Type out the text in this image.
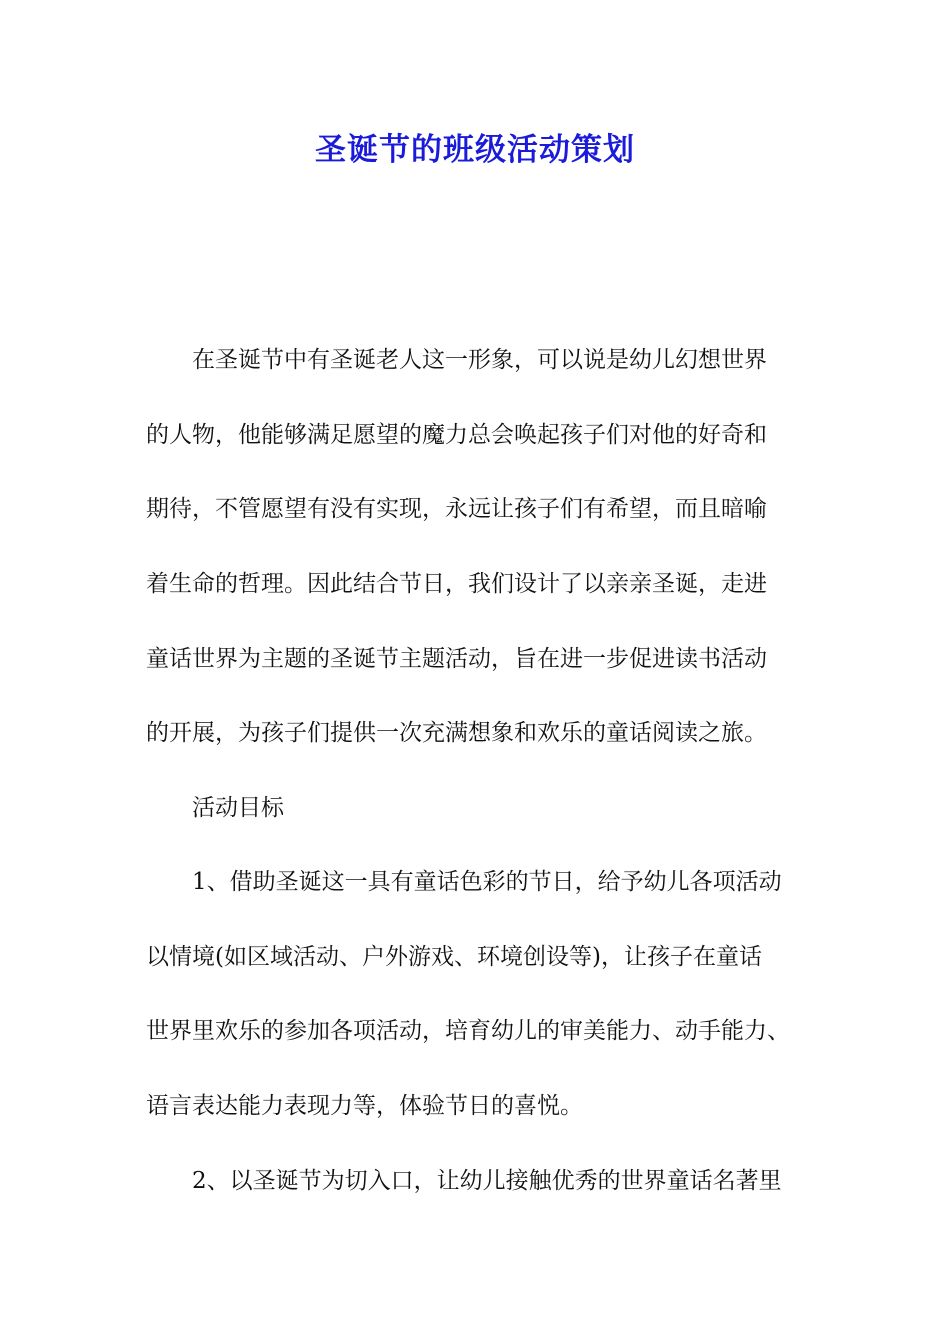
圣诞节的班级活动策划
在圣诞节中有圣诞老人这一形象，可以说是幼儿幻想世界
的人物，他能够满足愿望的魔力总会唤起孩子们对他的好奇和
期待，不管愿望有没有实现，永远让孩子们有希望，而且暗喻
着生命的哲理。因此结合节日，我们设计了以亲亲圣诞，走进
童话世界为主题的圣诞节主题活动，旨在进一步促进读书活动
的开展，为孩子们提供一次充满想象和欢乐的童话阅读之旅。
活动目标
1、借助圣诞这一具有童话色彩的节日，给予幼儿各项活动
以情境(如区域活动、户外游戏、环境创设等)，让孩子在童话
世界里欢乐的参加各项活动，培育幼儿的审美能力、动手能力、
语言表达能力表现力等，体验节日的喜悦。
2、以圣诞节为切入口，让幼儿接触优秀的世界童话名著里
